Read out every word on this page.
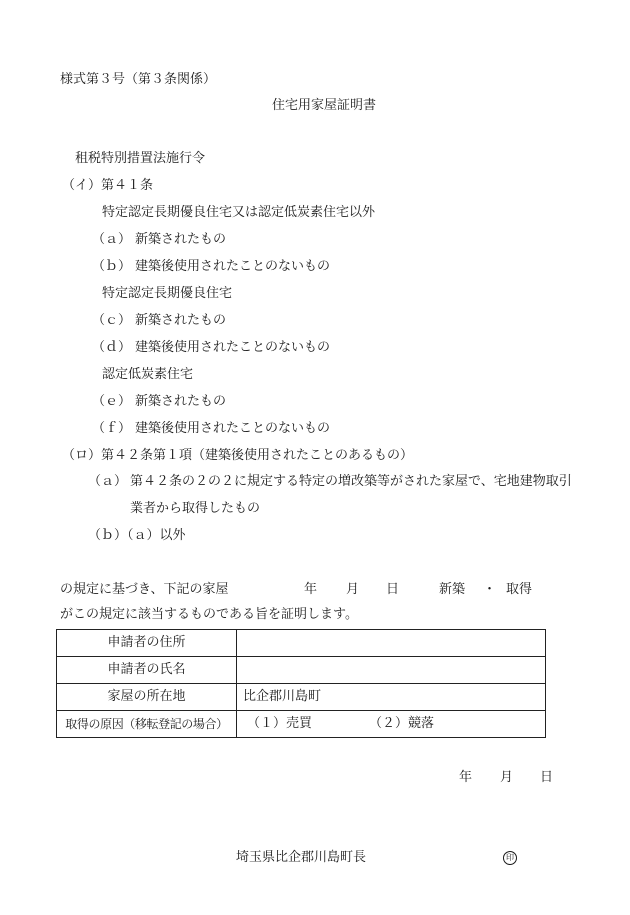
様式第３号（第３条関係）
住宅用家屋証明書
租税特別措置法施行令
（イ）第４１条
特定認定長期優良住宅又は認定低炭素住宅以外
（ａ） 新築されたもの
（ｂ） 建築後使用されたことのないもの
特定認定長期優良住宅
（ｃ） 新築されたもの
（ｄ） 建築後使用されたことのないもの
認定低炭素住宅
（ｅ） 新築されたもの
（ｆ） 建築後使用されたことのないもの
（ロ）第４２条第１項（建築後使用されたことのあるもの）
（ａ） 第４２条の２の２に規定する特定の増改築等がされた家屋で、宅地建物取引
業者から取得したもの
（ｂ）（ａ）以外
の規定に基づき、下記の家屋	年 月 日	新築 ・ 取得
がこの規定に該当するものである旨を証明します。
申請者の住所	
申請者の氏名	
家屋の所在地	比企郡川島町
取得の原因（移転登記の場合）	（１）売買 （２）競落
年 月 日
埼玉県比企郡川島町長	印
